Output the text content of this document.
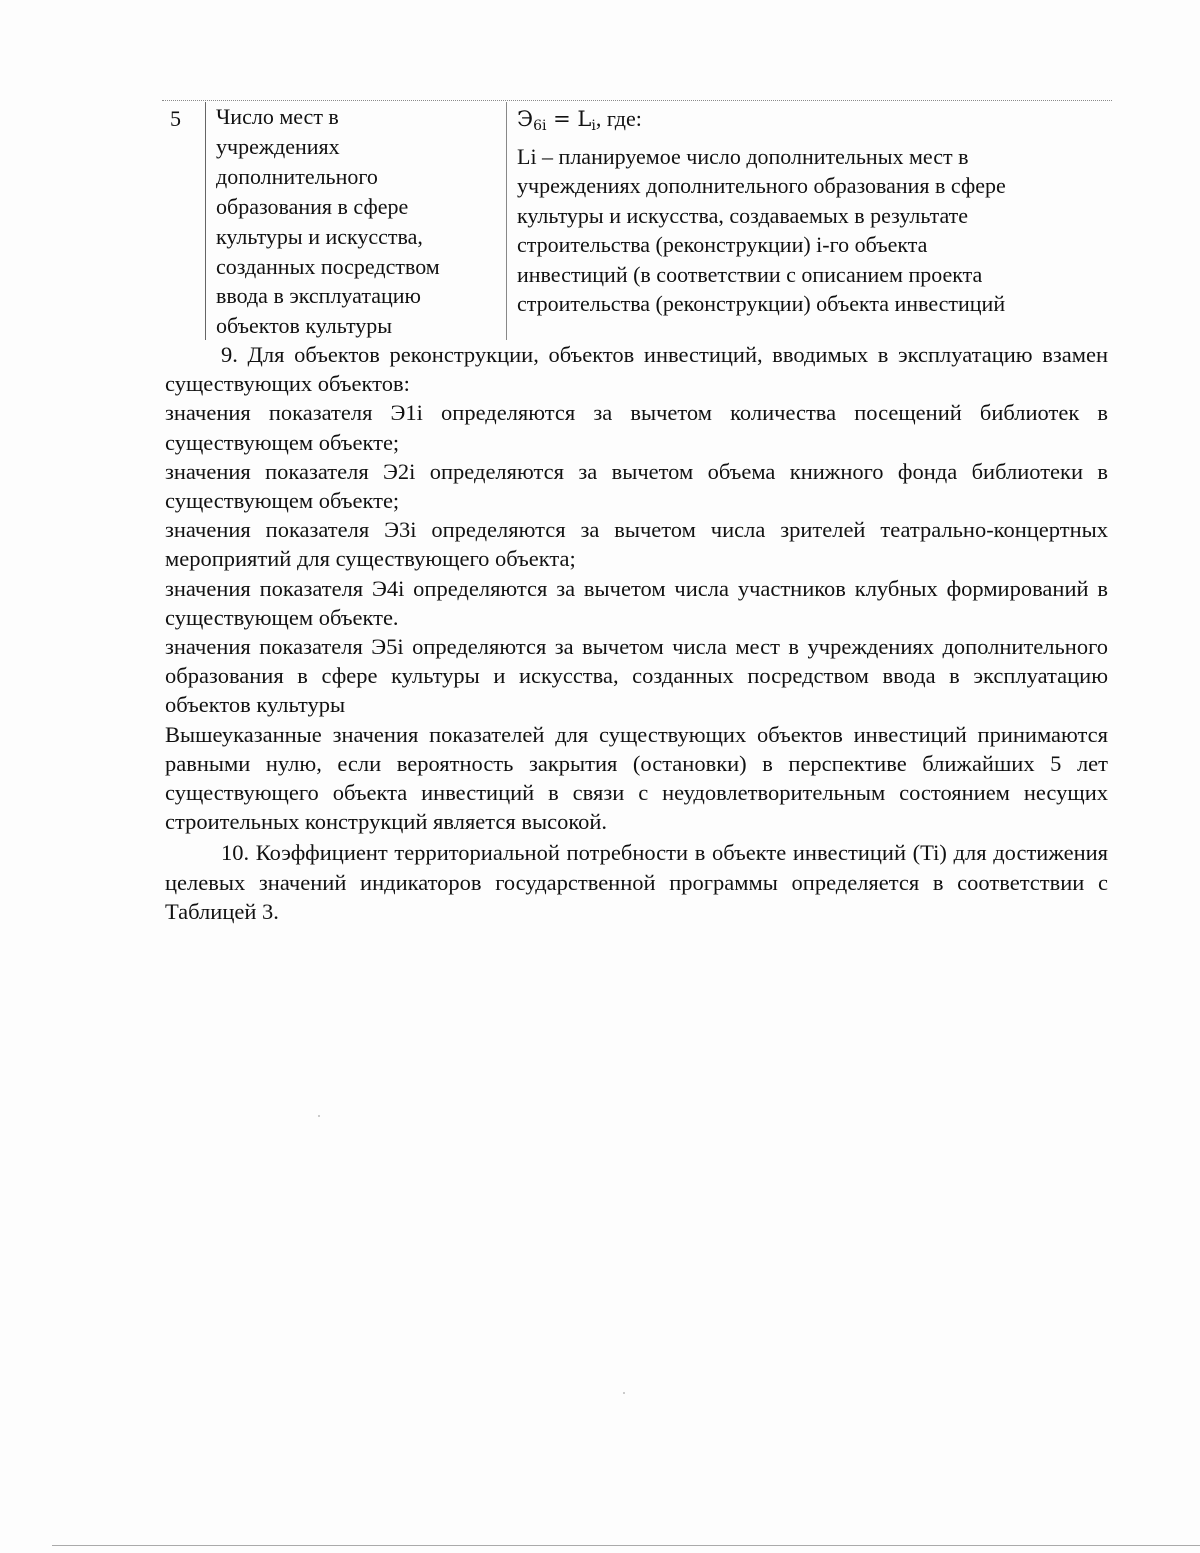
5 Число мест в
учреждениях
дополнительного
образования в сфере
культуры и искусства,
созданных посредством
ввода в эксплуатацию
объектов культуры
$Э_{6i} = L_i$, где:
Li – планируемое число дополнительных мест в
учреждениях дополнительного образования в сфере
культуры и искусства, создаваемых в результате
строительства (реконструкции) i-го объекта
инвестиций (в соответствии с описанием проекта
строительства (реконструкции) объекта инвестиций

9. Для объектов реконструкции, объектов инвестиций, вводимых в эксплуатацию взамен существующих объектов:

значения показателя Э1i определяются за вычетом количества посещений библиотек в существующем объекте;

значения показателя Э2i определяются за вычетом объема книжного фонда библиотеки в существующем объекте;

значения показателя Э3i определяются за вычетом числа зрителей театрально-концертных мероприятий для существующего объекта;

значения показателя Э4i определяются за вычетом числа участников клубных формирований в существующем объекте.

значения показателя Э5i определяются за вычетом числа мест в учреждениях дополнительного образования в сфере культуры и искусства, созданных посредством ввода в эксплуатацию объектов культуры

Вышеуказанные значения показателей для существующих объектов инвестиций принимаются равными нулю, если вероятность закрытия (остановки) в перспективе ближайших 5 лет существующего объекта инвестиций в связи с неудовлетворительным состоянием несущих строительных конструкций является высокой.

10. Коэффициент территориальной потребности в объекте инвестиций (Ti) для достижения целевых значений индикаторов государственной программы определяется в соответствии с Таблицей 3.
